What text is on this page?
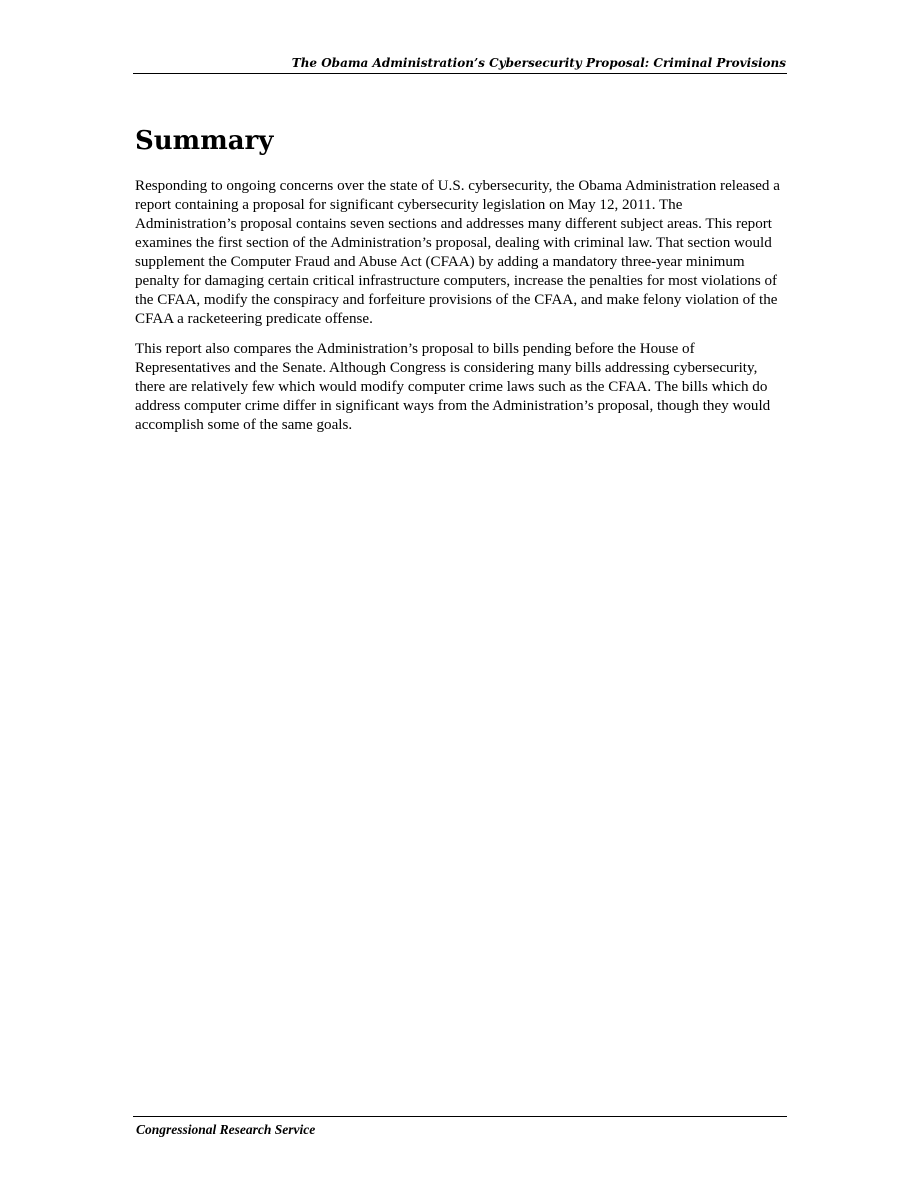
The Obama Administration’s Cybersecurity Proposal: Criminal Provisions
Summary

Responding to ongoing concerns over the state of U.S. cybersecurity, the Obama Administration released a report containing a proposal for significant cybersecurity legislation on May 12, 2011. The Administration’s proposal contains seven sections and addresses many different subject areas. This report examines the first section of the Administration’s proposal, dealing with criminal law. That section would supplement the Computer Fraud and Abuse Act (CFAA) by adding a mandatory three-year minimum penalty for damaging certain critical infrastructure computers, increase the penalties for most violations of the CFAA, modify the conspiracy and forfeiture provisions of the CFAA, and make felony violation of the CFAA a racketeering predicate offense.

This report also compares the Administration’s proposal to bills pending before the House of Representatives and the Senate. Although Congress is considering many bills addressing cybersecurity, there are relatively few which would modify computer crime laws such as the CFAA. The bills which do address computer crime differ in significant ways from the Administration’s proposal, though they would accomplish some of the same goals.

Congressional Research Service
